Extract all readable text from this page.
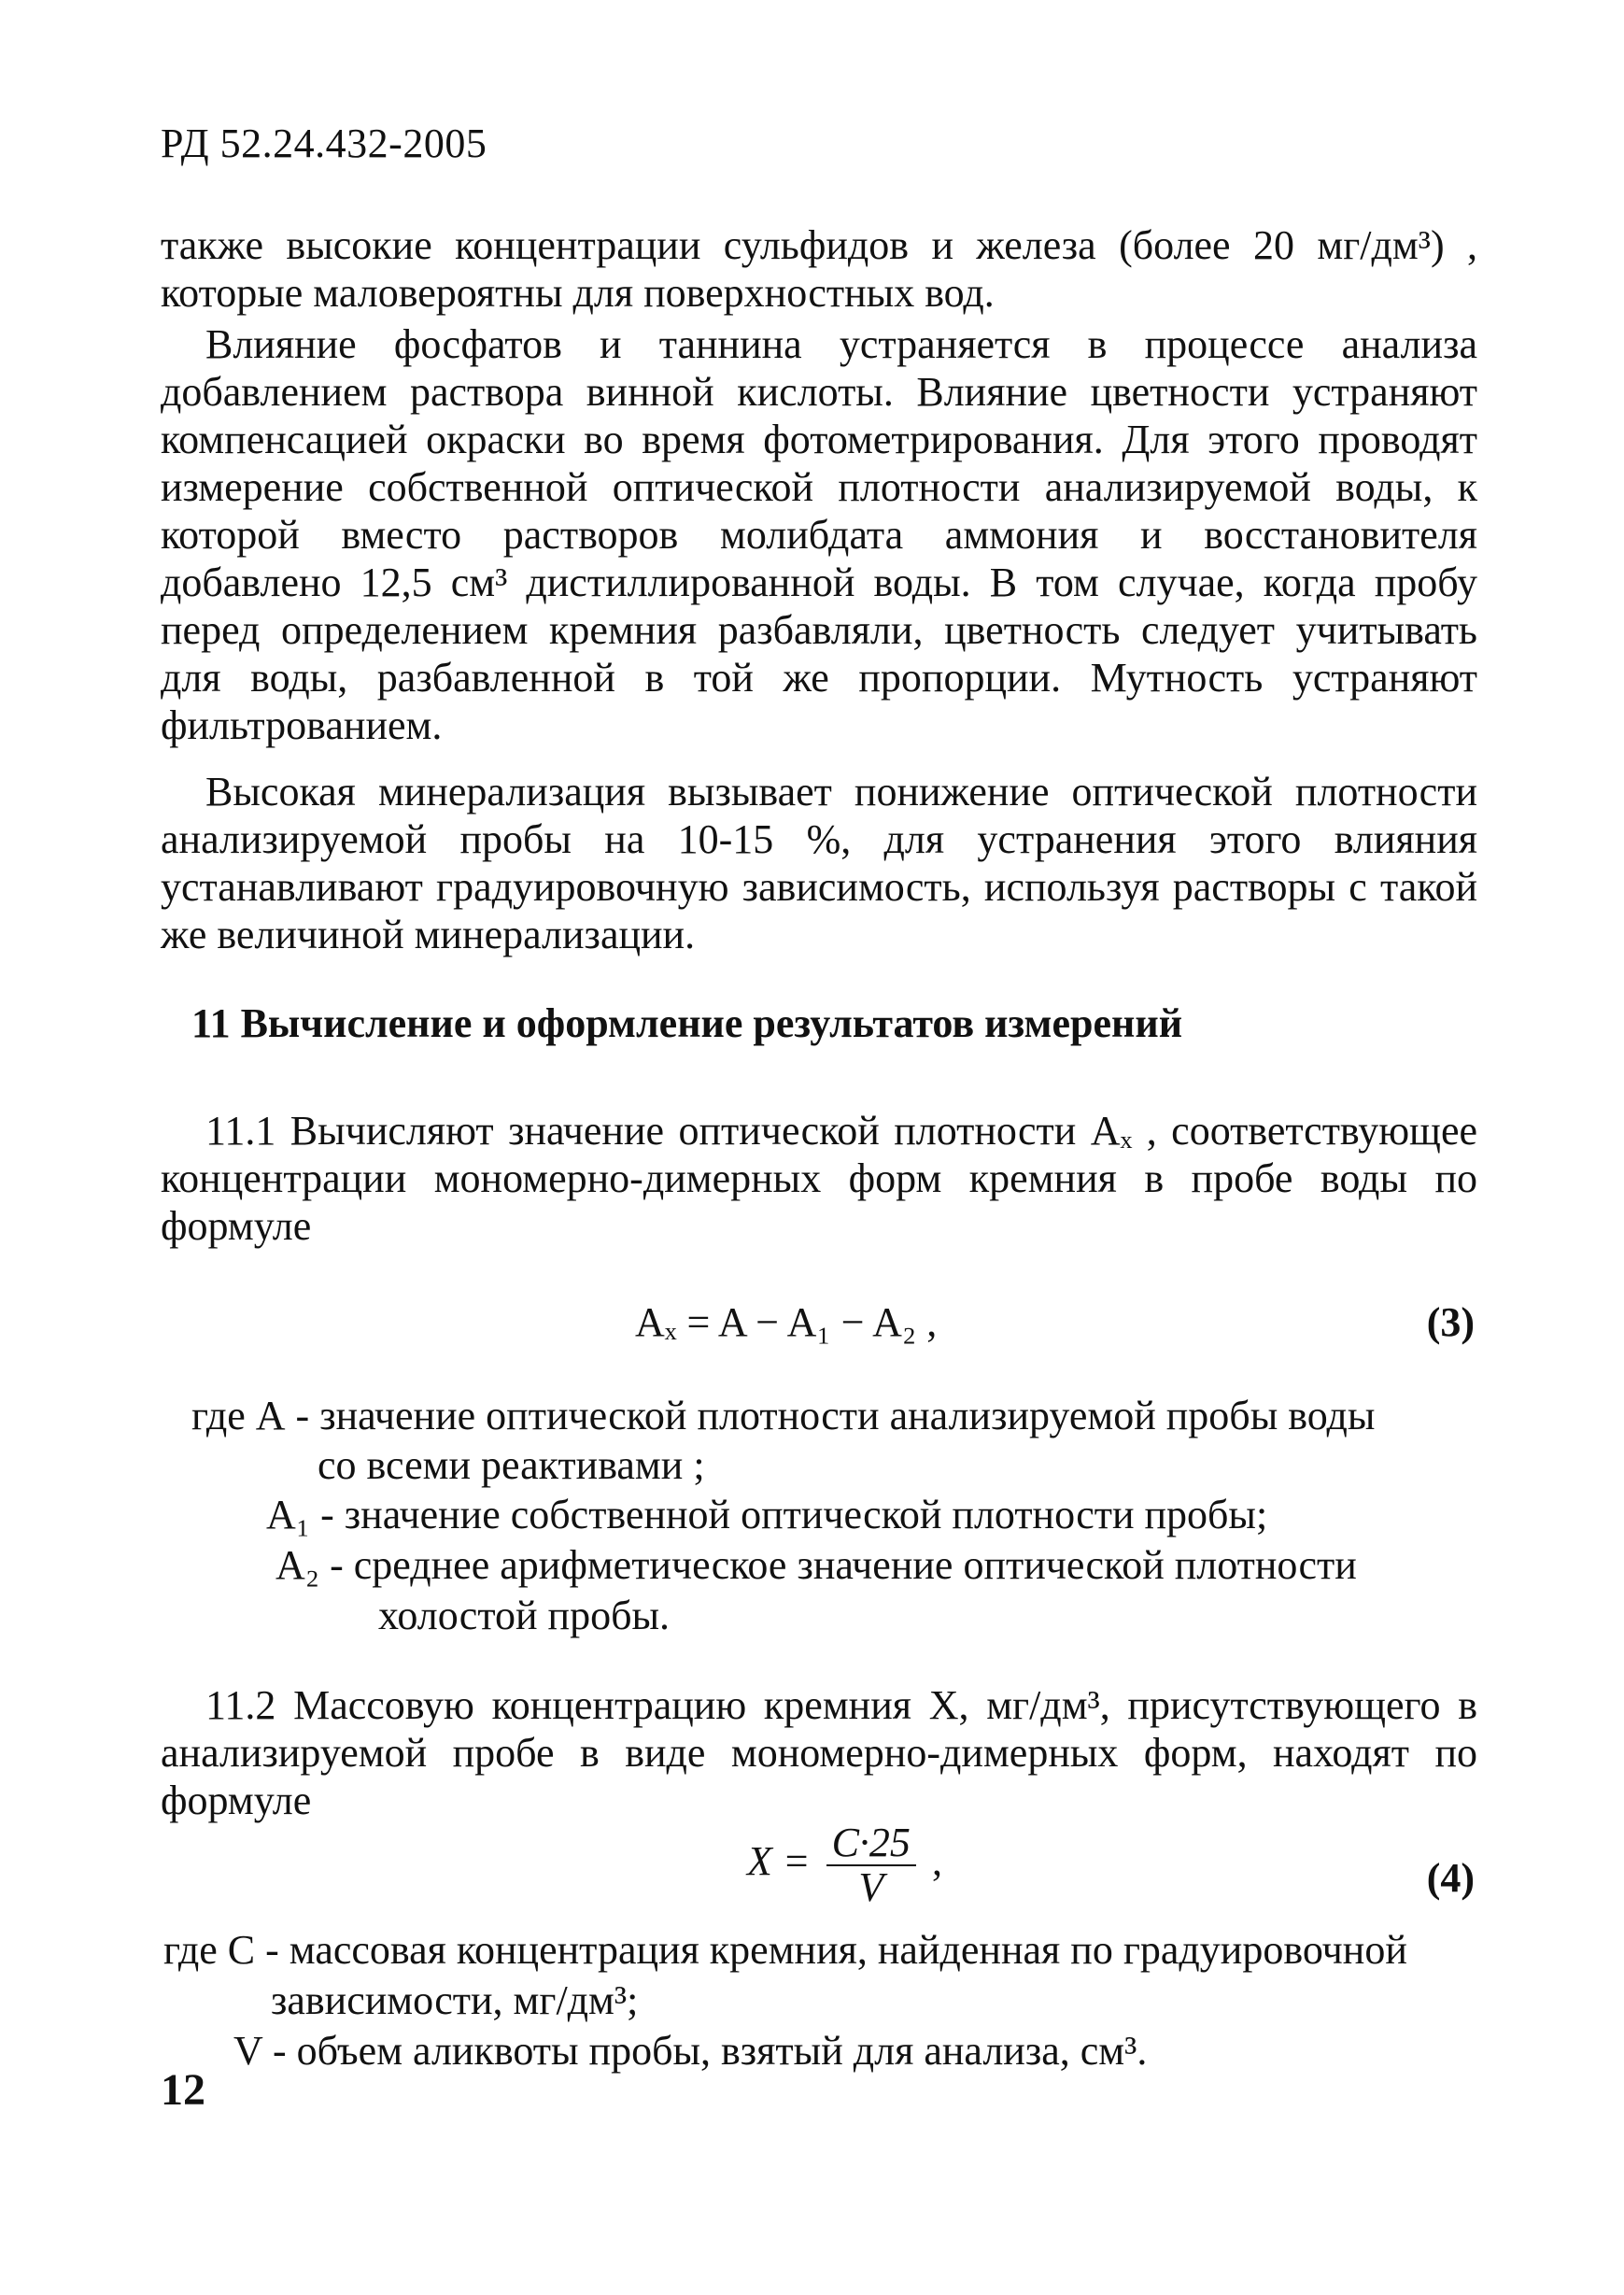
РД 52.24.432-2005
также высокие концентрации сульфидов и железа (более 20 мг/дм³) , которые маловероятны для поверхностных вод.
Влияние фосфатов и таннина устраняется в процессе анализа добавлением раствора винной кислоты. Влияние цветности устраняют компенсацией окраски во время фотометрирования. Для этого проводят измерение собственной оптической плотности анализируемой воды, к которой вместо растворов молибдата аммония и восстановителя добавлено 12,5 см³ дистиллированной воды. В том случае, когда пробу перед определением кремния разбавляли, цветность следует учитывать для воды, разбавленной в той же пропорции. Мутность устраняют фильтрованием.
Высокая минерализация вызывает понижение оптической плотности анализируемой пробы на 10-15 %, для устранения этого влияния устанавливают градуировочную зависимость, используя растворы с такой же величиной минерализации.
11 Вычисление и оформление результатов измерений
11.1 Вычисляют значение оптической плотности Aₓ , соответствующее концентрации мономерно-димерных форм кремния в пробе воды по формуле
Aₓ = A − A₁ − A₂ ,	(3)
где А - значение оптической плотности анализируемой пробы воды
со всеми реактивами ;
A₁ - значение собственной оптической плотности пробы;
A₂ - среднее арифметическое значение оптической плотности
холостой пробы.
11.2 Массовую концентрацию кремния X, мг/дм³, присутствующего в анализируемой пробе в виде мономерно-димерных форм, находят по формуле
$X = \frac{C\cdot 25}{V}$ ,	(4)
где С - массовая концентрация кремния, найденная по градуировочной
зависимости, мг/дм³;
V - объем аликвоты пробы, взятый для анализа, см³.
12
